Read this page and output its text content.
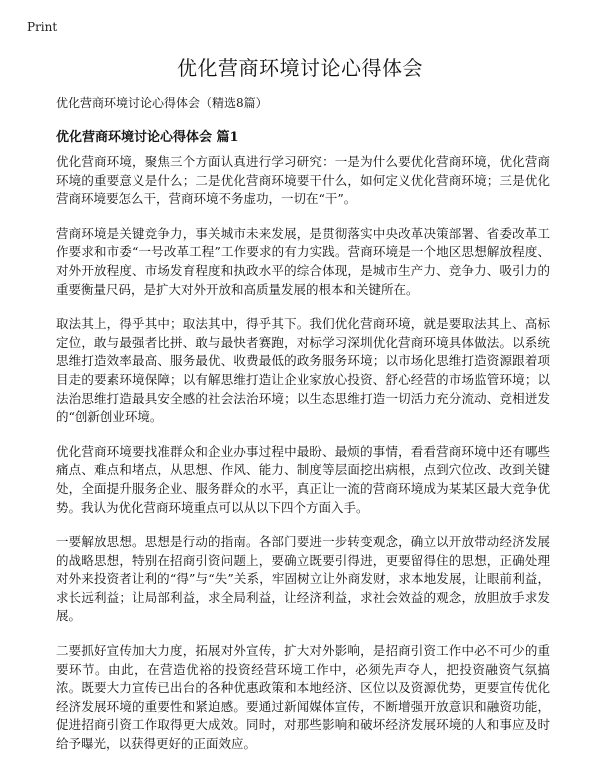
Print
优化营商环境讨论心得体会

优化营商环境讨论心得体会（精选8篇）

优化营商环境讨论心得体会 篇1

优化营商环境，聚焦三个方面认真进行学习研究：一是为什么要优化营商环境，优化营商环境的重要意义是什么；二是优化营商环境要干什么，如何定义优化营商环境；三是优化营商环境要怎么干，营商环境不务虚功，一切在“干”。

营商环境是关键竞争力，事关城市未来发展，是贯彻落实中央改革决策部署、省委改革工作要求和市委“一号改革工程”工作要求的有力实践。营商环境是一个地区思想解放程度、对外开放程度、市场发育程度和执政水平的综合体现，是城市生产力、竞争力、吸引力的重要衡量尺码，是扩大对外开放和高质量发展的根本和关键所在。

取法其上，得乎其中；取法其中，得乎其下。我们优化营商环境，就是要取法其上、高标定位，敢与最强者比拼、敢与最快者赛跑，对标学习深圳优化营商环境具体做法。以系统思维打造效率最高、服务最优、收费最低的政务服务环境；以市场化思维打造资源跟着项目走的要素环境保障；以有解思维打造让企业家放心投资、舒心经营的市场监管环境；以法治思维打造最具安全感的社会法治环境；以生态思维打造一切活力充分流动、竞相迸发的“创新创业环境。

优化营商环境要找准群众和企业办事过程中最盼、最烦的事情，看看营商环境中还有哪些痛点、难点和堵点，从思想、作风、能力、制度等层面挖出病根，点到穴位改、改到关键处，全面提升服务企业、服务群众的水平，真正让一流的营商环境成为某某区最大竞争优势。我认为优化营商环境重点可以从以下四个方面入手。

一要解放思想。思想是行动的指南。各部门要进一步转变观念，确立以开放带动经济发展的战略思想，特别在招商引资问题上，要确立既要引得进，更要留得住的思想，正确处理对外来投资者让利的“得”与“失”关系，牢固树立让外商发财，求本地发展，让眼前利益，求长远利益；让局部利益，求全局利益，让经济利益，求社会效益的观念，放胆放手求发展。

二要抓好宣传加大力度，拓展对外宣传，扩大对外影响，是招商引资工作中必不可少的重要环节。由此，在营造优裕的投资经营环境工作中，必须先声夺人，把投资融资气氛搞浓。既要大力宣传已出台的各种优惠政策和本地经济、区位以及资源优势，更要宣传优化经济发展环境的重要性和紧迫感。要通过新闻媒体宣传，不断增强开放意识和融资功能，促进招商引资工作取得更大成效。同时，对那些影响和破坏经济发展环境的人和事应及时给予曝光，以获得更好的正面效应。
